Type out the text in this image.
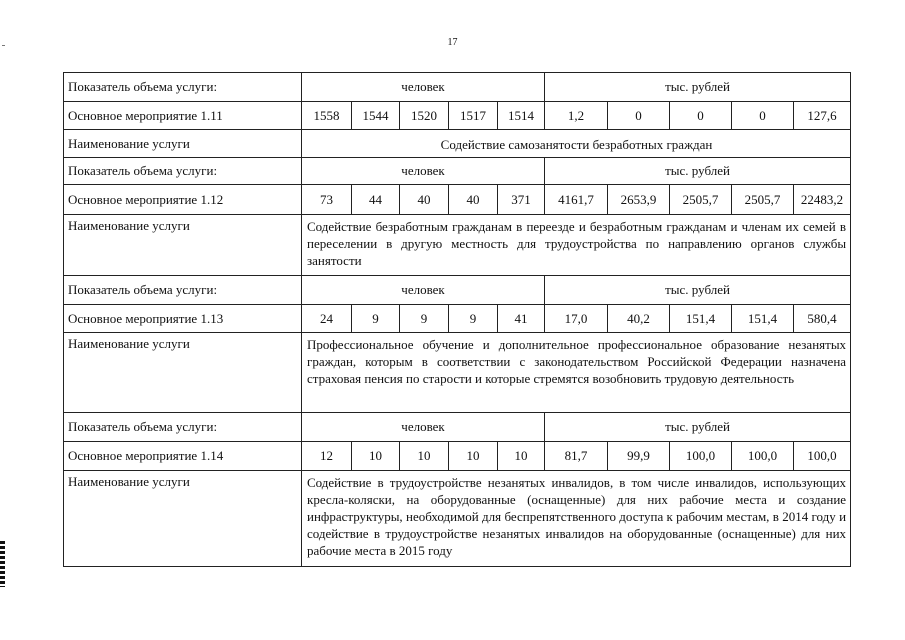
17
Показатель объема услуги:	человек					тыс. рублей				
Основное мероприятие 1.11	1558	1544	1520	1517	1514	1,2	0	0	0	127,6
Наименование услуги	Содействие самозанятости безработных граждан									
Показатель объема услуги:	человек					тыс. рублей				
Основное мероприятие 1.12	73	44	40	40	371	4161,7	2653,9	2505,7	2505,7	22483,2
Наименование услуги	Содействие безработным гражданам в переезде и безработным гражданам и членам их семей в переселении в другую местность для трудоустройства по направлению органов службы занятости									
Показатель объема услуги:	человек					тыс. рублей				
Основное мероприятие 1.13	24	9	9	9	41	17,0	40,2	151,4	151,4	580,4
Наименование услуги	Профессиональное обучение и дополнительное профессиональное образование незанятых граждан, которым в соответствии с законодательством Российской Федерации назначена страховая пенсия по старости и которые стремятся возобновить трудовую деятельность									
Показатель объема услуги:	человек					тыс. рублей				
Основное мероприятие 1.14	12	10	10	10	10	81,7	99,9	100,0	100,0	100,0
Наименование услуги	Содействие в трудоустройстве незанятых инвалидов, в том числе инвалидов, использующих кресла-коляски, на оборудованные (оснащенные) для них рабочие места и создание инфраструктуры, необходимой для беспрепятственного доступа к рабочим местам, в 2014 году и содействие в трудоустройстве незанятых инвалидов на оборудованные (оснащенные) для них рабочие места в 2015 году									
